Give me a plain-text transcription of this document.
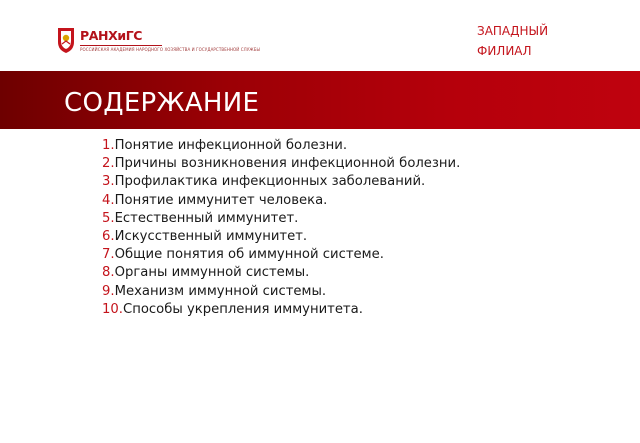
РАНХиГС
РОССИЙСКАЯ АКАДЕМИЯ НАРОДНОГО ХОЗЯЙСТВА И ГОСУДАРСТВЕННОЙ СЛУЖБЫ
ЗАПАДНЫЙ
ФИЛИАЛ
СОДЕРЖАНИЕ
1.Понятие инфекционной болезни.
2.Причины возникновения инфекционной болезни.
3.Профилактика инфекционных заболеваний.
4.Понятие иммунитет человека.
5.Естественный иммунитет.
6.Искусственный иммунитет.
7.Общие понятия об иммунной системе.
8.Органы иммунной системы.
9.Механизм иммунной системы.
10.Способы укрепления иммунитета.
